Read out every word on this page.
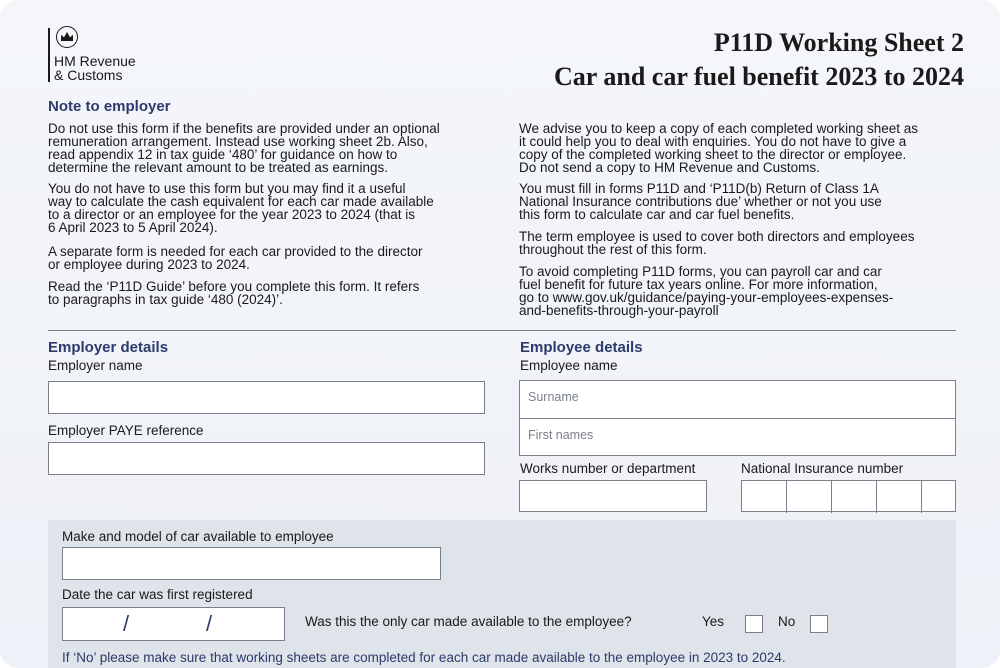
HM Revenue
& Customs
P11D Working Sheet 2
Car and car fuel benefit 2023 to 2024
Note to employer
Do not use this form if the benefits are provided under an optional
remuneration arrangement. Instead use working sheet 2b. Also,
read appendix 12 in tax guide ‘480’ for guidance on how to
determine the relevant amount to be treated as earnings.
You do not have to use this form but you may find it a useful
way to calculate the cash equivalent for each car made available
to a director or an employee for the year 2023 to 2024 (that is
6 April 2023 to 5 April 2024).
A separate form is needed for each car provided to the director
or employee during 2023 to 2024.
Read the ‘P11D Guide’ before you complete this form. It refers
to paragraphs in tax guide ‘480 (2024)’.
We advise you to keep a copy of each completed working sheet as
it could help you to deal with enquiries. You do not have to give a
copy of the completed working sheet to the director or employee.
Do not send a copy to HM Revenue and Customs.
You must fill in forms P11D and ‘P11D(b) Return of Class 1A
National Insurance contributions due’ whether or not you use
this form to calculate car and car fuel benefits.
The term employee is used to cover both directors and employees
throughout the rest of this form.
To avoid completing P11D forms, you can payroll car and car
fuel benefit for future tax years online. For more information,
go to www.gov.uk/guidance/paying-your-employees-expenses-
and-benefits-through-your-payroll
Employer details
Employer name
Employer PAYE reference
Employee details
Employee name
Surname
First names
Works number or department	National Insurance number
Make and model of car available to employee
Date the car was first registered
/	/	Was this the only car made available to the employee?	Yes	No
If ‘No’ please make sure that working sheets are completed for each car made available to the employee in 2023 to 2024.
